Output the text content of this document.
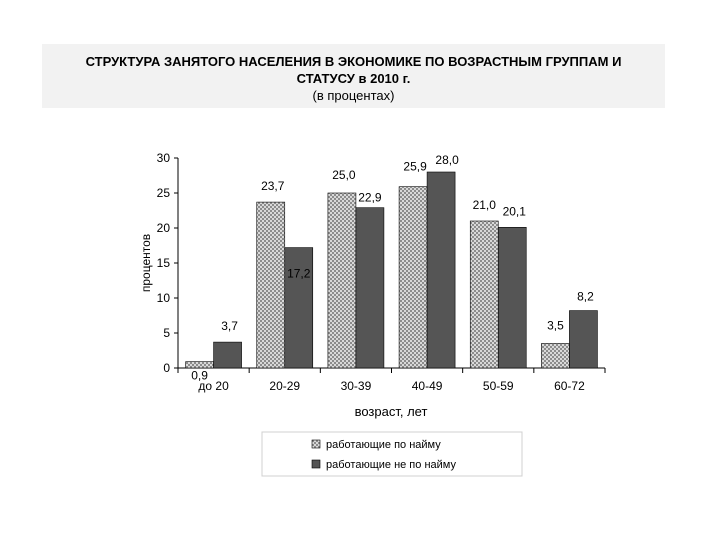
СТРУКТУРА ЗАНЯТОГО НАСЕЛЕНИЯ В ЭКОНОМИКЕ ПО ВОЗРАСТНЫМ ГРУППАМ И
СТАТУСУ в 2010 г.
(в процентах)
0
5
10
15
20
25
30
до 20	20-29	30-39	40-49	50-59	60-72
0,9
23,7
25,0
25,9
21,0
3,5
3,7
17,2
22,9
28,0
20,1
8,2
возраст, лет
процентов
работающие по найму
работающие не по найму
